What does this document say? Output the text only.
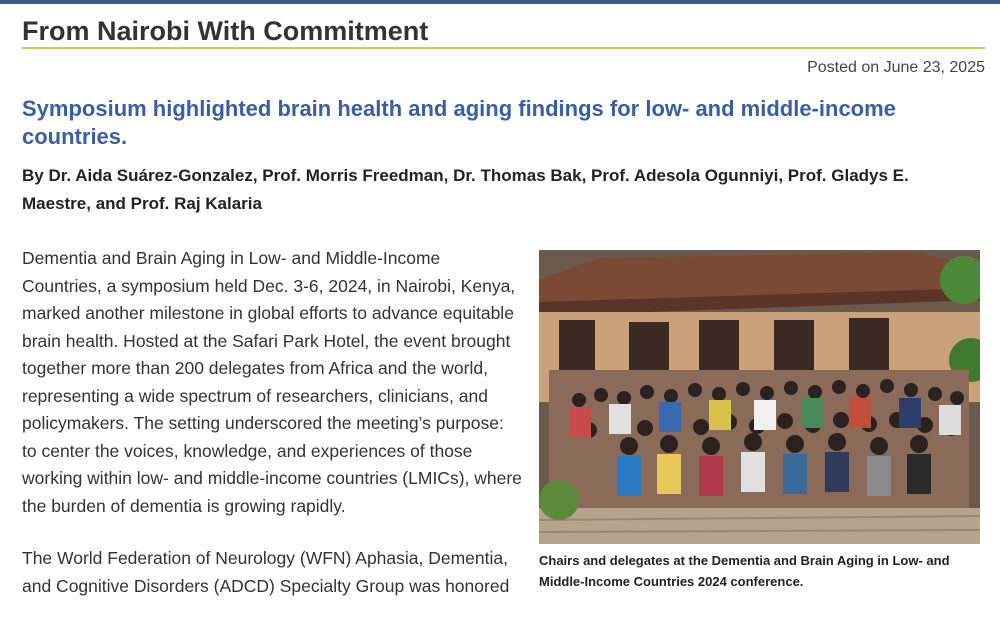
From Nairobi With Commitment
Posted on June 23, 2025
Symposium highlighted brain health and aging findings for low- and middle-income countries.

By Dr. Aida Suárez-Gonzalez, Prof. Morris Freedman, Dr. Thomas Bak, Prof. Adesola Ogunniyi, Prof. Gladys E. Maestre, and Prof. Raj Kalaria

Dementia and Brain Aging in Low- and Middle-Income Countries, a symposium held Dec. 3-6, 2024, in Nairobi, Kenya, marked another milestone in global efforts to advance equitable brain health. Hosted at the Safari Park Hotel, the event brought together more than 200 delegates from Africa and the world, representing a wide spectrum of researchers, clinicians, and policymakers. The setting underscored the meeting’s purpose: to center the voices, knowledge, and experiences of those working within low- and middle-income countries (LMICs), where the burden of dementia is growing rapidly.

The World Federation of Neurology (WFN) Aphasia, Dementia, and Cognitive Disorders (ADCD) Specialty Group was honored

Chairs and delegates at the Dementia and Brain Aging in Low- and Middle-Income Countries 2024 conference.
